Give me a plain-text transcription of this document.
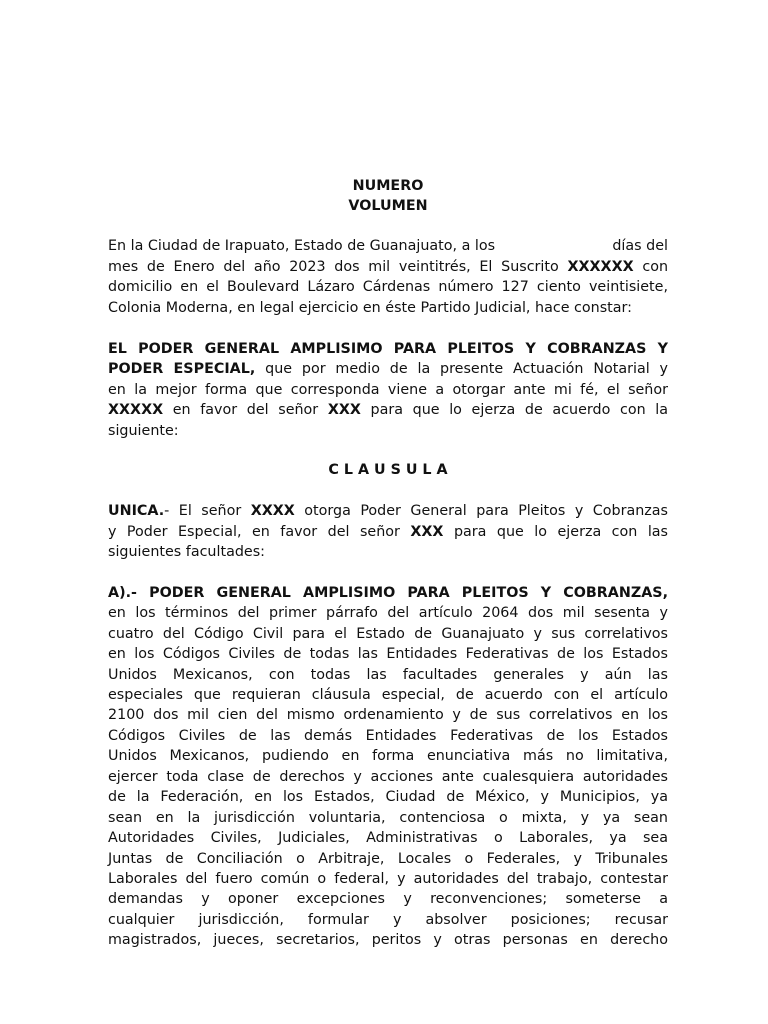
NUMERO
VOLUMEN
En la Ciudad de Irapuato, Estado de Guanajuato, a los	días del
mes de Enero del año 2023 dos mil veintitrés, El Suscrito XXXXXX con
domicilio en el Boulevard Lázaro Cárdenas número 127 ciento veintisiete,
Colonia Moderna, en legal ejercicio en éste Partido Judicial, hace constar:
EL PODER GENERAL AMPLISIMO PARA PLEITOS Y COBRANZAS Y
PODER ESPECIAL, que por medio de la presente Actuación Notarial y
en la mejor forma que corresponda viene a otorgar ante mi fé, el señor
XXXXX en favor del señor XXX para que lo ejerza de acuerdo con la
siguiente:
C L A U S U L A
UNICA.- El señor XXXX otorga Poder General para Pleitos y Cobranzas
y Poder Especial, en favor del señor XXX para que lo ejerza con las
siguientes facultades:
A).- PODER GENERAL AMPLISIMO PARA PLEITOS Y COBRANZAS,
en los términos del primer párrafo del artículo 2064 dos mil sesenta y
cuatro del Código Civil para el Estado de Guanajuato y sus correlativos
en los Códigos Civiles de todas las Entidades Federativas de los Estados
Unidos Mexicanos, con todas las facultades generales y aún las
especiales que requieran cláusula especial, de acuerdo con el artículo
2100 dos mil cien del mismo ordenamiento y de sus correlativos en los
Códigos Civiles de las demás Entidades Federativas de los Estados
Unidos Mexicanos, pudiendo en forma enunciativa más no limitativa,
ejercer toda clase de derechos y acciones ante cualesquiera autoridades
de la Federación, en los Estados, Ciudad de México, y Municipios, ya
sean en la jurisdicción voluntaria, contenciosa o mixta, y ya sean
Autoridades Civiles, Judiciales, Administrativas o Laborales, ya sea
Juntas de Conciliación o Arbitraje, Locales o Federales, y Tribunales
Laborales del fuero común o federal, y autoridades del trabajo, contestar
demandas y oponer excepciones y reconvenciones; someterse a
cualquier jurisdicción, formular y absolver posiciones; recusar
magistrados, jueces, secretarios, peritos y otras personas en derecho
